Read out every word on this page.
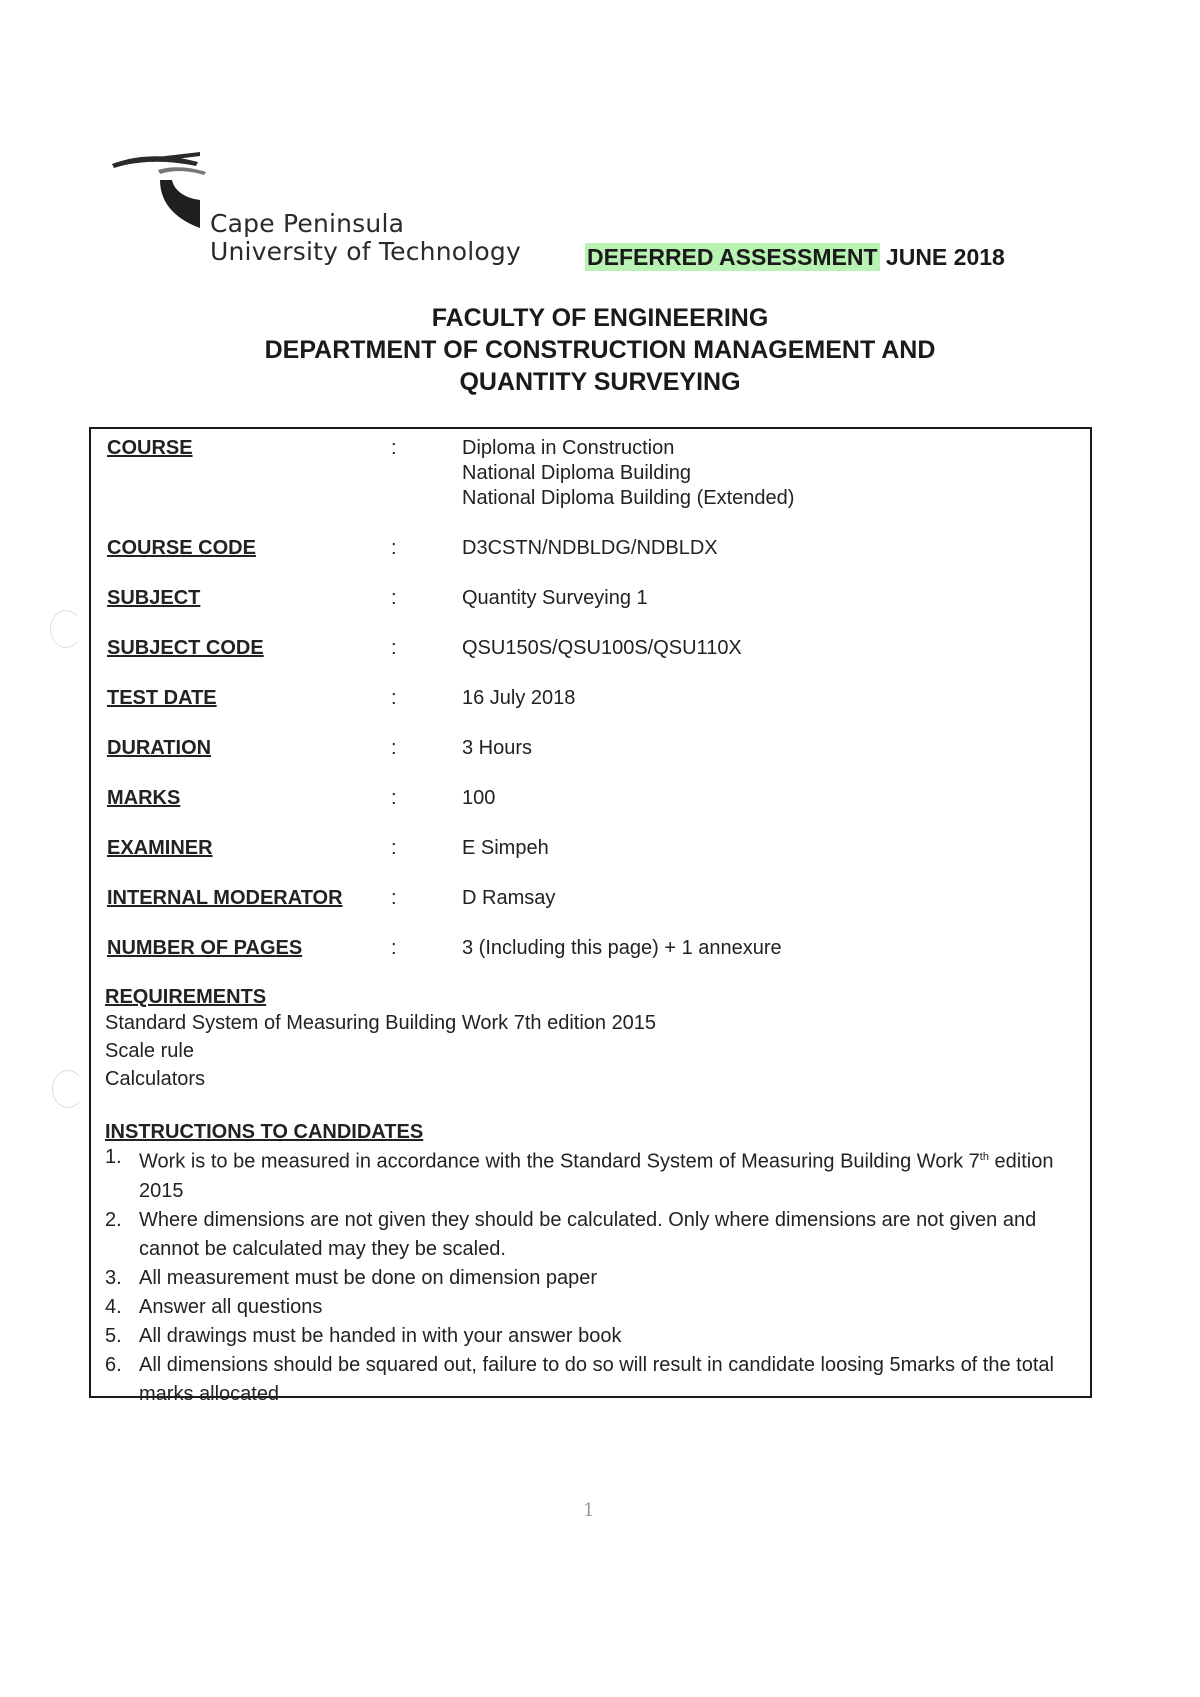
Cape Peninsula
University of Technology	DEFERRED ASSESSMENT JUNE 2018
FACULTY OF ENGINEERING
DEPARTMENT OF CONSTRUCTION MANAGEMENT AND
QUANTITY SURVEYING
COURSE	:	Diploma in Construction
National Diploma Building
National Diploma Building (Extended)
COURSE CODE	:	D3CSTN/NDBLDG/NDBLDX
SUBJECT	:	Quantity Surveying 1
SUBJECT CODE	:	QSU150S/QSU100S/QSU110X
TEST DATE	:	16 July 2018
DURATION	:	3 Hours
MARKS	:	100
EXAMINER	:	E Simpeh
INTERNAL MODERATOR :	D Ramsay
NUMBER OF PAGES	:	3 (Including this page) + 1 annexure
REQUIREMENTS
Standard System of Measuring Building Work 7th edition 2015
Scale rule
Calculators
INSTRUCTIONS TO CANDIDATES
1. Work is to be measured in accordance with the Standard System of Measuring Building Work 7th edition 2015
2. Where dimensions are not given they should be calculated. Only where dimensions are not given and cannot be calculated may they be scaled.
3. All measurement must be done on dimension paper
4. Answer all questions
5. All drawings must be handed in with your answer book
6. All dimensions should be squared out, failure to do so will result in candidate loosing 5marks of the total marks allocated
1
